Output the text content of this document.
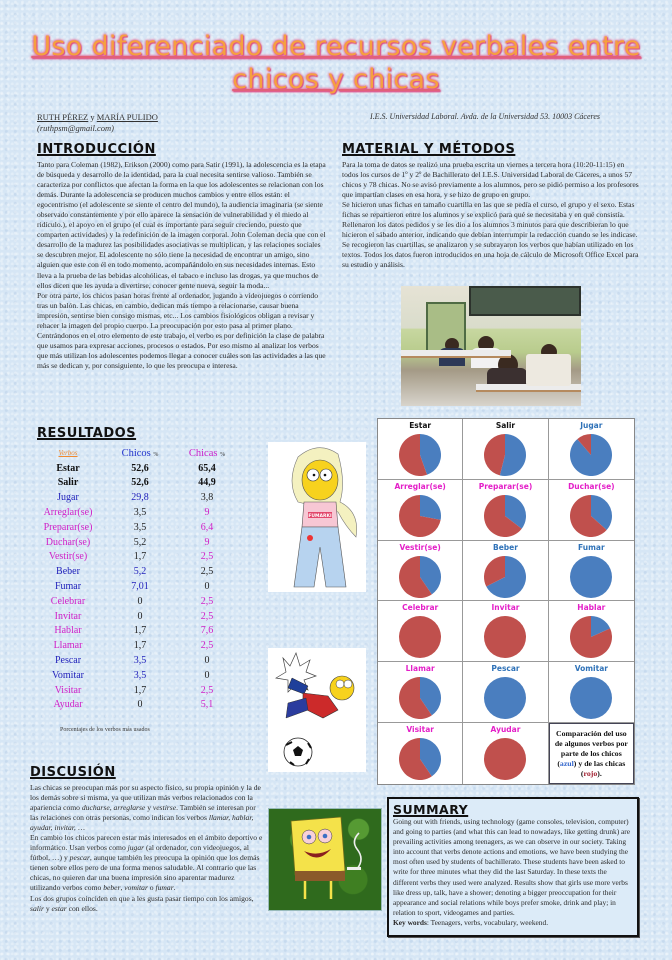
Uso diferenciado de recursos verbales entre
chicos y chicas
RUTH PÉREZ y MARÍA PULIDO
(ruthpsm@gmail.com)
I.E.S. Universidad Laboral. Avda. de la Universidad 53. 10003 Cáceres
INTRODUCCIÓN

Tanto para Coleman (1982), Erikson (2000) como para Satir (1991), la adolescencia es la etapa de búsqueda y desarrollo de la identidad, para la cual necesita sentirse valioso. También se caracteriza por conflictos que afectan la forma en la que los adolescentes se relacionan con los demás. Durante la adolescencia se producen muchos cambios y entre ellos están: el egocentrismo (el adolescente se siente el centro del mundo), la audiencia imaginaria (se siente observado constantemente y por ello aparece la sensación de vulnerabilidad y el miedo al ridículo.), el apoyo en el grupo (el cual es importante para seguir creciendo, puesto que comparten actividades) y la redefinición de la imagen corporal. John Coleman decía que con el desarrollo de la madurez las posibilidades asociativas se multiplican, y las relaciones sociales se descubren mejor. El adolescente no sólo tiene la necesidad de encontrar un amigo, sino alguien que este con él en todo momento, acompañándolo en sus necesidades internas. Esto lleva a la prueba de las bebidas alcohólicas, el tabaco e incluso las drogas, ya que muchos de ellos dicen que les ayuda a divertirse, conocer gente nueva, seguir la moda...

Por otra parte, los chicos pasan horas frente al ordenador, jugando a videojuegos o corriendo tras un balón. Las chicas, en cambio, dedican más tiempo a relacionarse, causar buena impresión, sentirse bien consigo mismas, etc... Los cambios fisiológicos obligan a revisar y rehacer la imagen del propio cuerpo. La preocupación por esto pasa al primer plano.

Centrándonos en el otro elemento de este trabajo, el verbo es por definición la clase de palabra que usamos para expresar acciones, procesos o estados. Por eso mismo al analizar los verbos que más utilizan los adolescentes podemos llegar a conocer cuáles son las actividades a las que más se dedican y, por consiguiente, lo que les preocupa e interesa.

MATERIAL Y MÉTODOS

Para la toma de datos se realizó una prueba escrita un viernes a tercera hora (10:20-11:15) en todos los cursos de 1º y 2º de Bachillerato del I.E.S. Universidad Laboral de Cáceres, a unos 57 chicos y 78 chicas. No se avisó previamente a los alumnos, pero se pidió permiso a los profesores que impartían clases en esa hora, y se hizo de grupo en grupo.

Se hicieron unas fichas en tamaño cuartilla en las que se pedía el curso, el grupo y el sexo. Estas fichas se repartieron entre los alumnos y se explicó para qué se necesitaba y en qué consistía. Rellenaron los datos pedidos y se les dio a los alumnos 3 minutos para que describieran lo que hicieron el sábado anterior, indicando que debían interrumpir la redacción cuando se les indicase.

Se recogieron las cuartillas, se analizaron y se subrayaron los verbos que habían utilizado en los textos. Todos los datos fueron introducidos en una hoja de cálculo de Microsoft Office Excel para su estudio y análisis.

RESULTADOS
Verbos	Chicos %	Chicas %
Estar	52,6	65,4
Salir	52,6	44,9
Jugar	29,8	3,8
Arreglar(se)	3,5	9
Preparar(se)	3,5	6,4
Duchar(se)	5,2	9
Vestir(se)	1,7	2,5
Beber	5,2	2,5
Fumar	7,01	0
Celebrar	0	2,5
Invitar	0	2,5
Hablar	1,7	7,6
Llamar	1,7	2,5
Pescar	3,5	0
Vomitar	3,5	0
Visitar	1,7	2,5
Ayudar	0	5,1
Porcentajes de los verbos más usados
FUMARKI
Estar	Salir	Jugar
Arreglar(se)	Preparar(se)	Duchar(se)
Vestir(se)	Beber	Fumar
Celebrar	Invitar	Hablar
Llamar	Pescar	Vomitar
Visitar	Ayudar	Comparación del uso de algunos verbos por parte de los chicos (azul) y de las chicas (rojo).
DISCUSIÓN

Las chicas se preocupan más por su aspecto físico, su propia opinión y la de los demás sobre si misma, ya que utilizan más verbos relacionados con la apariencia como ducharse, arreglarse y vestirse. También se interesan por las relaciones con otras personas, como indican los verbos llamar, hablar, ayudar, invitar, …

En cambio los chicos parecen estar más interesados en el ámbito deportivo e informático. Usan verbos como jugar (al ordenador, con videojuegos, al fútbol, …) y pescar, aunque también les preocupa la opinión que los demás tienen sobre ellos pero de una forma menos saludable. Al contrario que las chicas, no quieren dar una buena impresión sino aparentar madurez utilizando verbos como beber, vomitar o fumar.

Los dos grupos coinciden en que a les gusta pasar tiempo con los amigos, salir y estar con ellos.

SUMMARY
Going out with friends, using technology (game consoles, television, computer) and going to parties (and what this can lead to nowadays, like getting drunk) are prevailing activities among teenagers, as we can observe in our society. Taking into account that verbs denote actions and emotions, we have been studying the most often used by students of bachillerato. These students have been asked to write for three minutes what they did the last Saturday. In these texts the different verbs they used were analyzed. Results show that girls use more verbs like dress up, talk, have a shower; denoting a bigger preoccupation for their appearance and social relations while boys prefer smoke, drink and play; in relation to sport, videogames and parties.
Key words: Teenagers, verbs, vocabulary, weekend.
